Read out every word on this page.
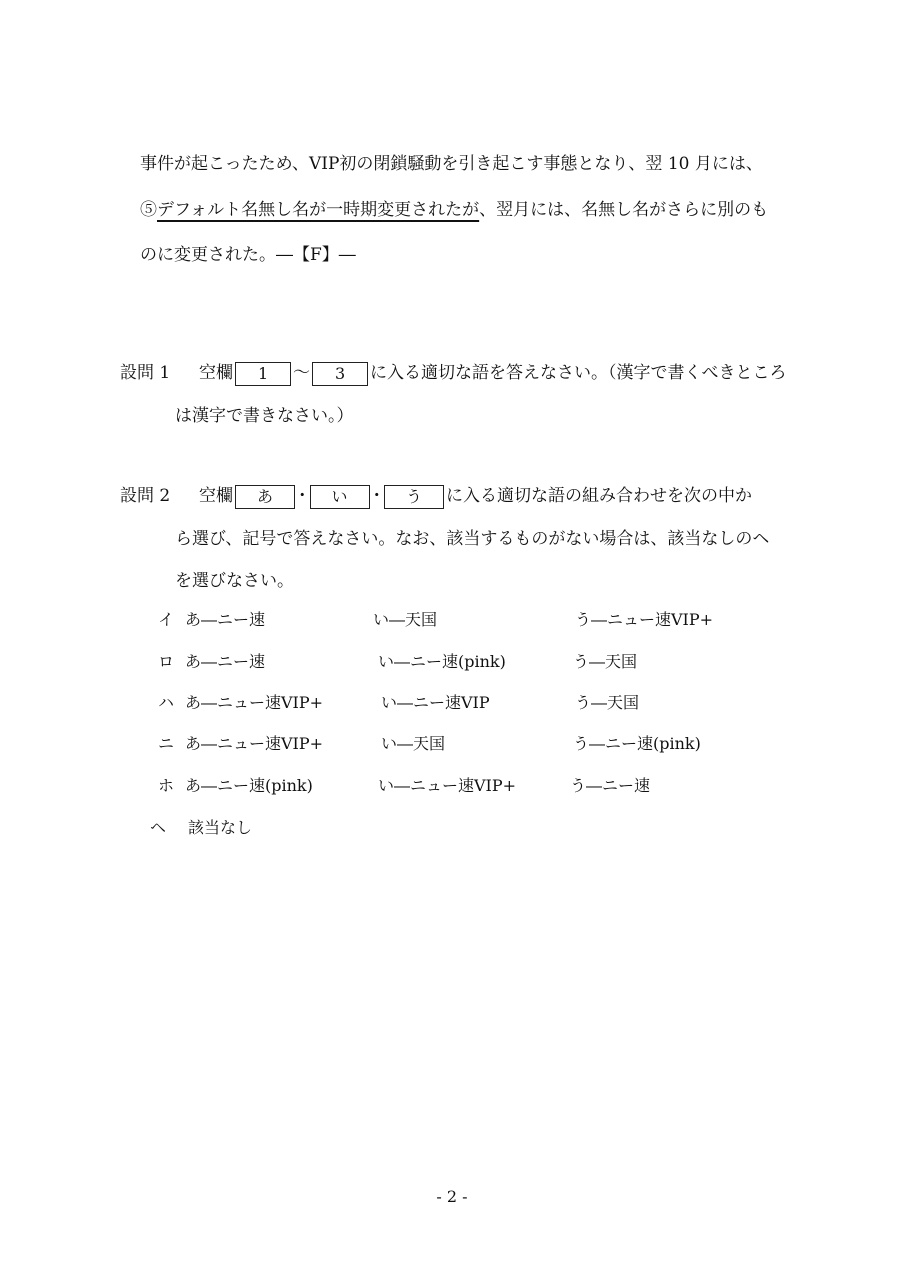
事件が起こったため、VIP初の閉鎖騒動を引き起こす事態となり、翌 10 月には、
⑤デフォルト名無し名が一時期変更されたが、翌月には、名無し名がさらに別のも
のに変更された。―【F】―
設問 1 空欄 1 ～ 3 に入る適切な語を答えなさい。（漢字で書くべきところ
は漢字で書きなさい。）
設問 2 空欄 あ ･ い ･ う に入る適切な語の組み合わせを次の中か
ら選び、記号で答えなさい。なお、該当するものがない場合は、該当なしのヘ
を選びなさい。
イ あ―ニー速	い―天国	う―ニュー速VIP+
ロ あ―ニー速	い―ニー速(pink)	う―天国
ハ あ―ニュー速VIP+	い―ニー速VIP	う―天国
ニ あ―ニュー速VIP+	い―天国	う―ニー速(pink)
ホ あ―ニー速(pink)	い―ニュー速VIP+	う―ニー速
ヘ 該当なし
- 2 -
